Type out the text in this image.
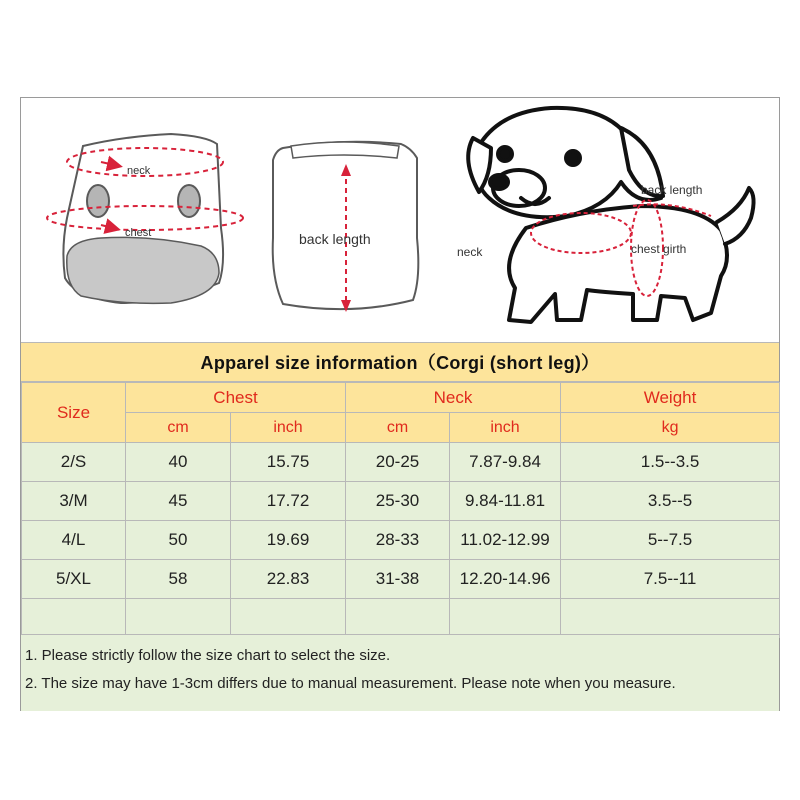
neck
chest	back length
back length
neck	chest girth
Apparel size information（Corgi (short leg)）
Size	Chest		Neck		Weight
	cm	inch	cm	inch	kg
2/S	40	15.75	20-25	7.87-9.84	1.5--3.5
3/M	45	17.72	25-30	9.84-11.81	3.5--5
4/L	50	19.69	28-33	11.02-12.99	5--7.5
5/XL	58	22.83	31-38	12.20-14.96	7.5--11

1. Please strictly follow the size chart to select the size.
2. The size may have 1-3cm differs due to manual measurement. Please note when you measure.
